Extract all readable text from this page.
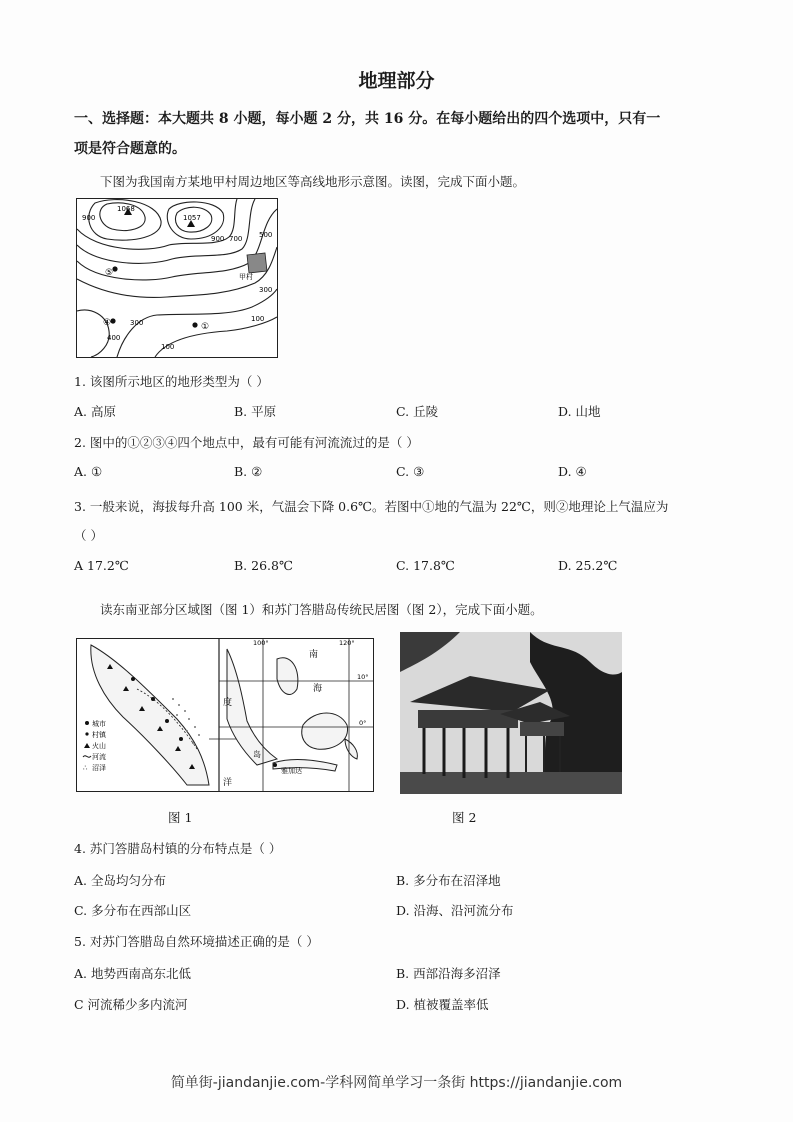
地理部分
一、选择题：本大题共 8 小题，每小题 2 分，共 16 分。在每小题给出的四个选项中，只有一
项是符合题意的。
下图为我国南方某地甲村周边地区等高线地形示意图。读图，完成下面小题。
1068
1057
900
900 700 500
300
300	100
100
400
甲村
①
④
⑤
1. 该图所示地区的地形类型为（ ）
A. 高原	B. 平原	C. 丘陵	D. 山地
2. 图中的①②③④四个地点中，最有可能有河流流过的是（ ）
A. ①	B. ②	C. ③	D. ④
3. 一般来说，海拔每升高 100 米，气温会下降 0.6℃。若图中①地的气温为 22℃，则②地理论上气温应为
（ ）
A 17.2℃	B. 26.8℃	C. 17.8℃	D. 25.2℃
读东南亚部分区域图（图 1）和苏门答腊岛传统民居图（图 2），完成下面小题。
城市
村镇
火山
河流
∴ 沼泽
100°	120°
10°
0°
南
海
度
洋
岛
雅加达
图 1	图 2
4. 苏门答腊岛村镇的分布特点是（ ）
A. 全岛均匀分布	B. 多分布在沼泽地
C. 多分布在西部山区	D. 沿海、沿河流分布
5. 对苏门答腊岛自然环境描述正确的是（ ）
A. 地势西南高东北低	B. 西部沿海多沼泽
C 河流稀少多内流河	D. 植被覆盖率低
简单街-jiandanjie.com-学科网简单学习一条街 https://jiandanjie.com
